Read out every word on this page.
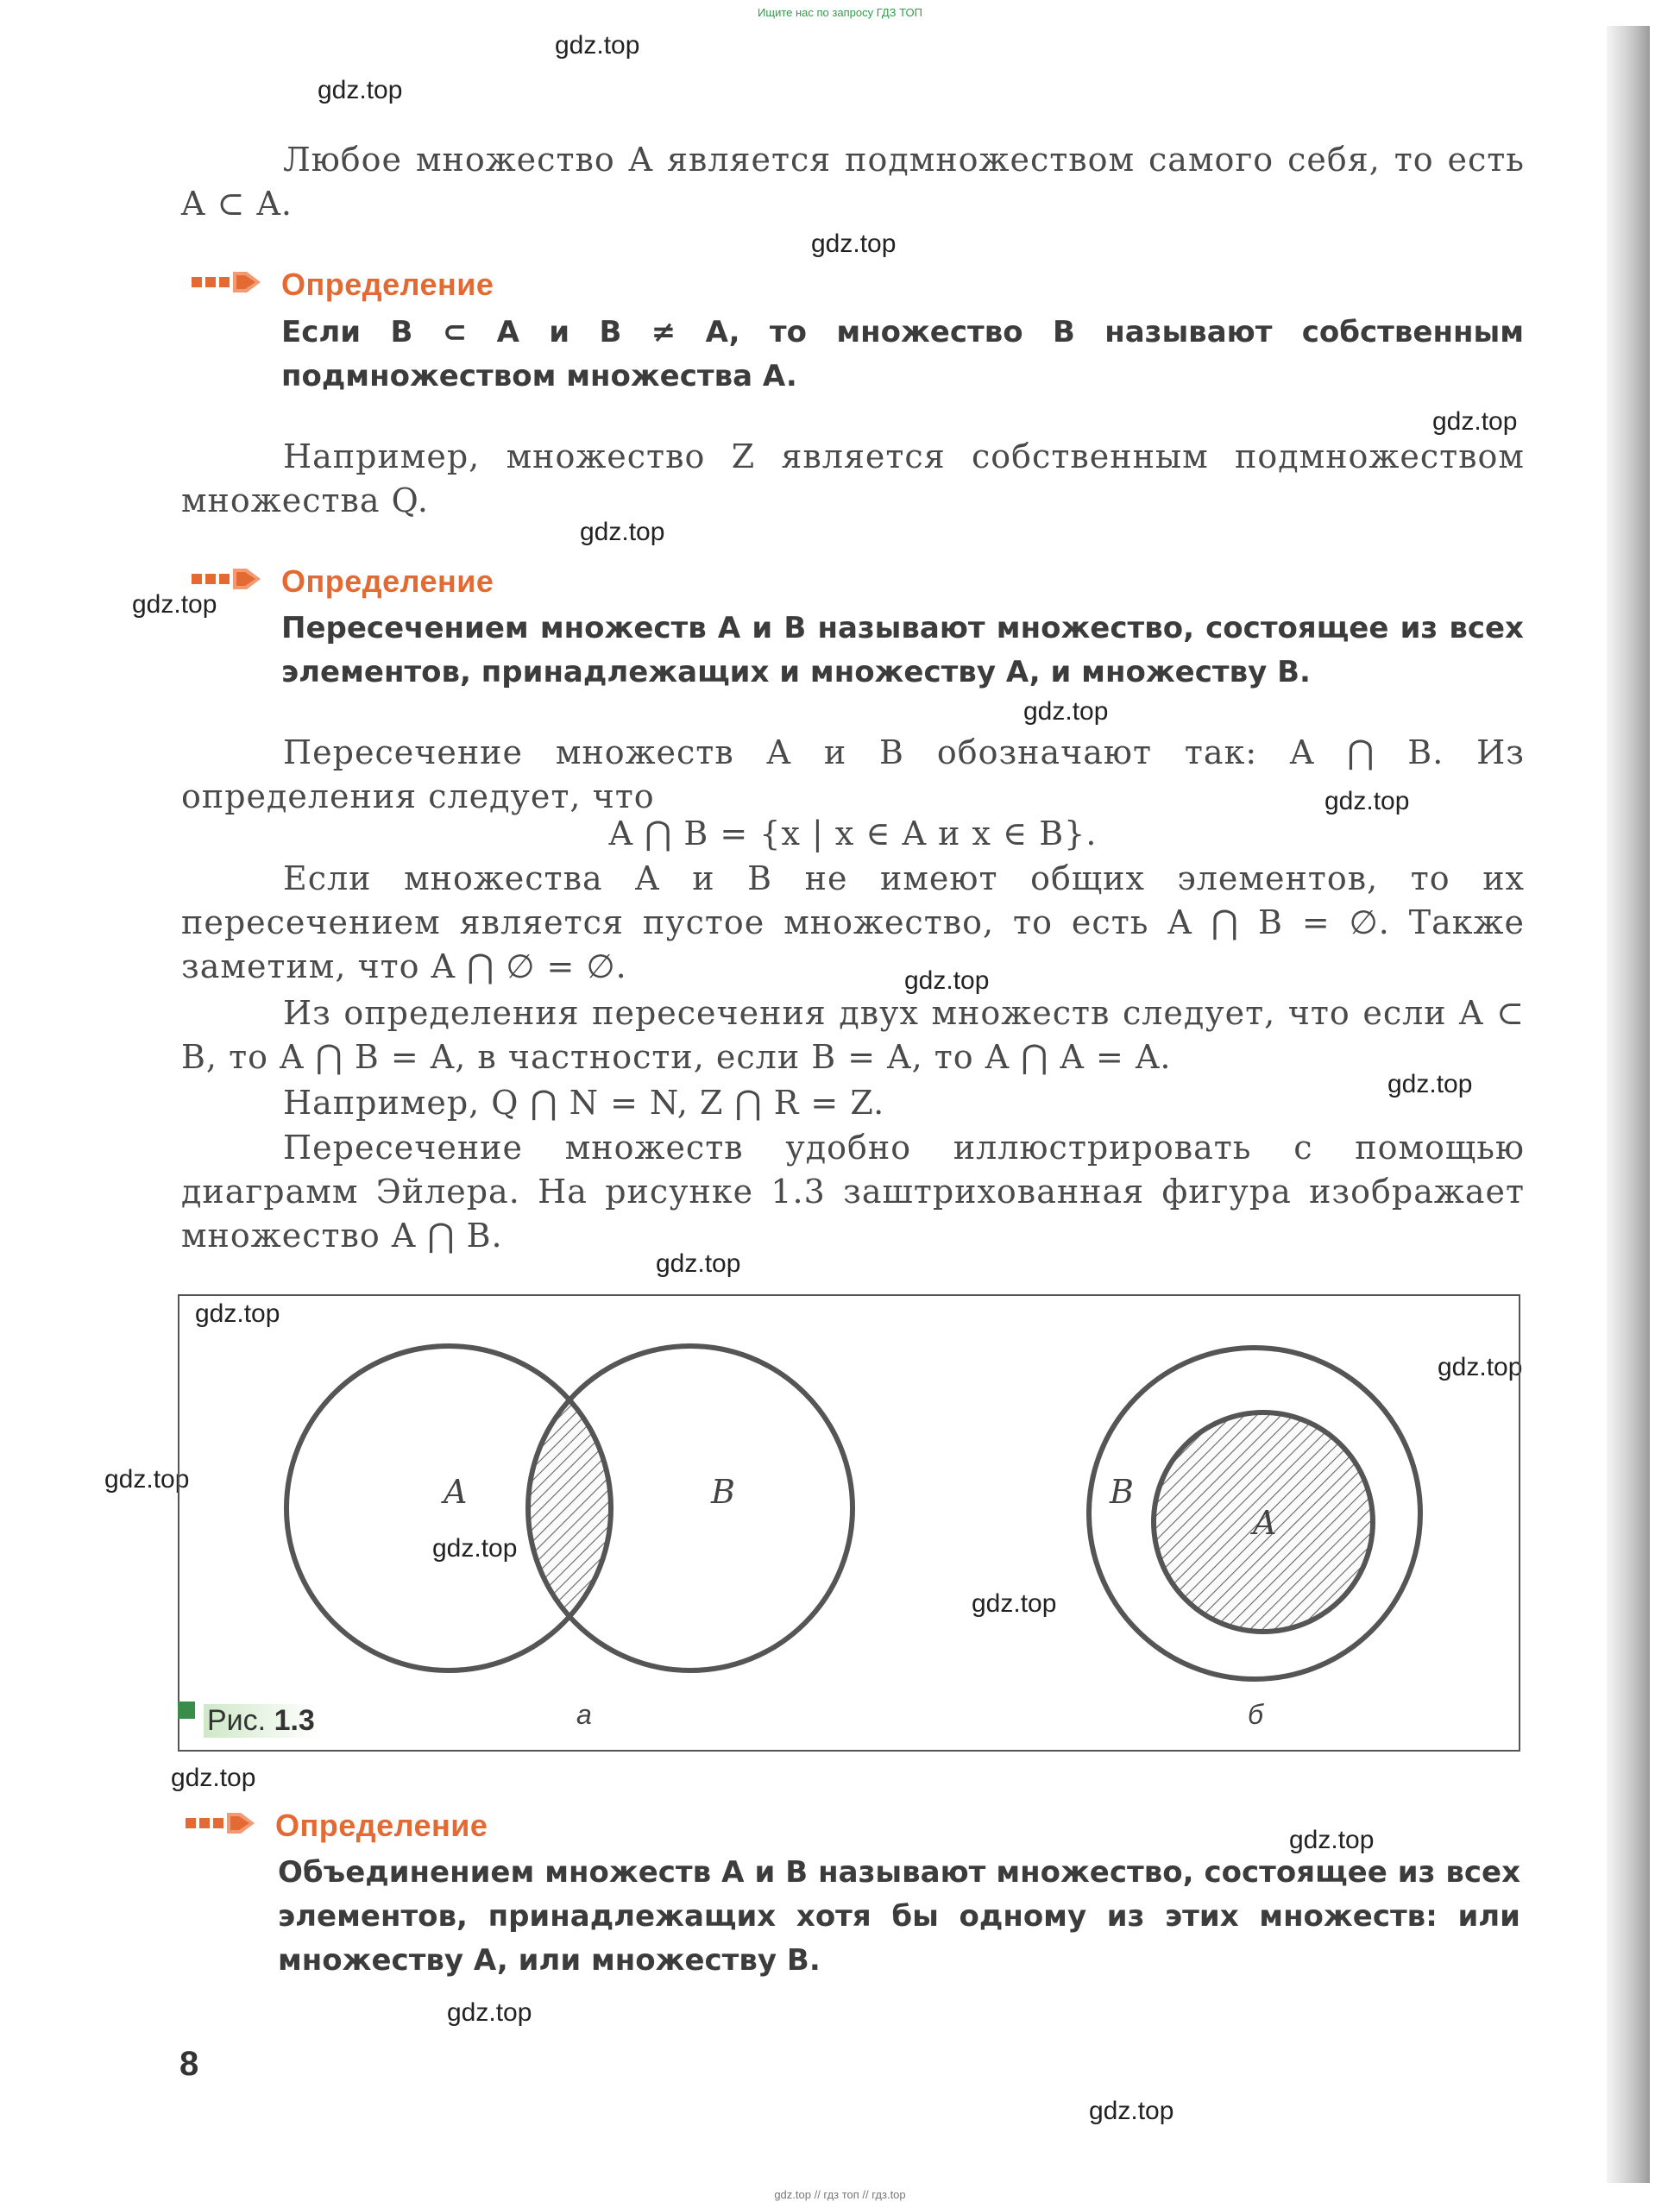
Ищите нас по запросу ГДЗ ТОП
gdz.top
gdz.top
gdz.top
gdz.top
gdz.top
gdz.top
gdz.top
gdz.top
gdz.top
gdz.top
gdz.top
gdz.top
gdz.top
gdz.top
gdz.top
gdz.top
gdz.top
gdz.top
gdz.top
gdz.top
Любое множество A является подмножеством самого себя, то есть A ⊂ A.
Определение
Если B ⊂ A и B ≠ A, то множество B называют собственным подмножеством множества A.
Например, множество Z является собственным подмножеством множества Q.
Определение
Пересечением множеств A и B называют множество, состоящее из всех элементов, принадлежащих и множеству A, и множеству B.
Пересечение множеств A и B обозначают так: A ⋂ B. Из определения следует, что
A ⋂ B = {x | x ∈ A и x ∈ B}.
Если множества A и B не имеют общих элементов, то их пересечением является пустое множество, то есть A ⋂ B = ∅. Также заметим, что A ⋂ ∅ = ∅.
Из определения пересечения двух множеств следует, что если A ⊂ B, то A ⋂ B = A, в частности, если B = A, то A ⋂ A = A.
Например, Q ⋂ N = N, Z ⋂ R = Z.
Пересечение множеств удобно иллюстрировать с помощью диаграмм Эйлера. На рисунке 1.3 заштрихованная фигура изображает множество A ⋂ B.
A	B
а
B
A
б
Рис. 1.3
Определение
Объединением множеств A и B называют множество, состоящее из всех элементов, принадлежащих хотя бы одному из этих множеств: или множеству A, или множеству B.
8
gdz.top // гдз топ // гдз.top
